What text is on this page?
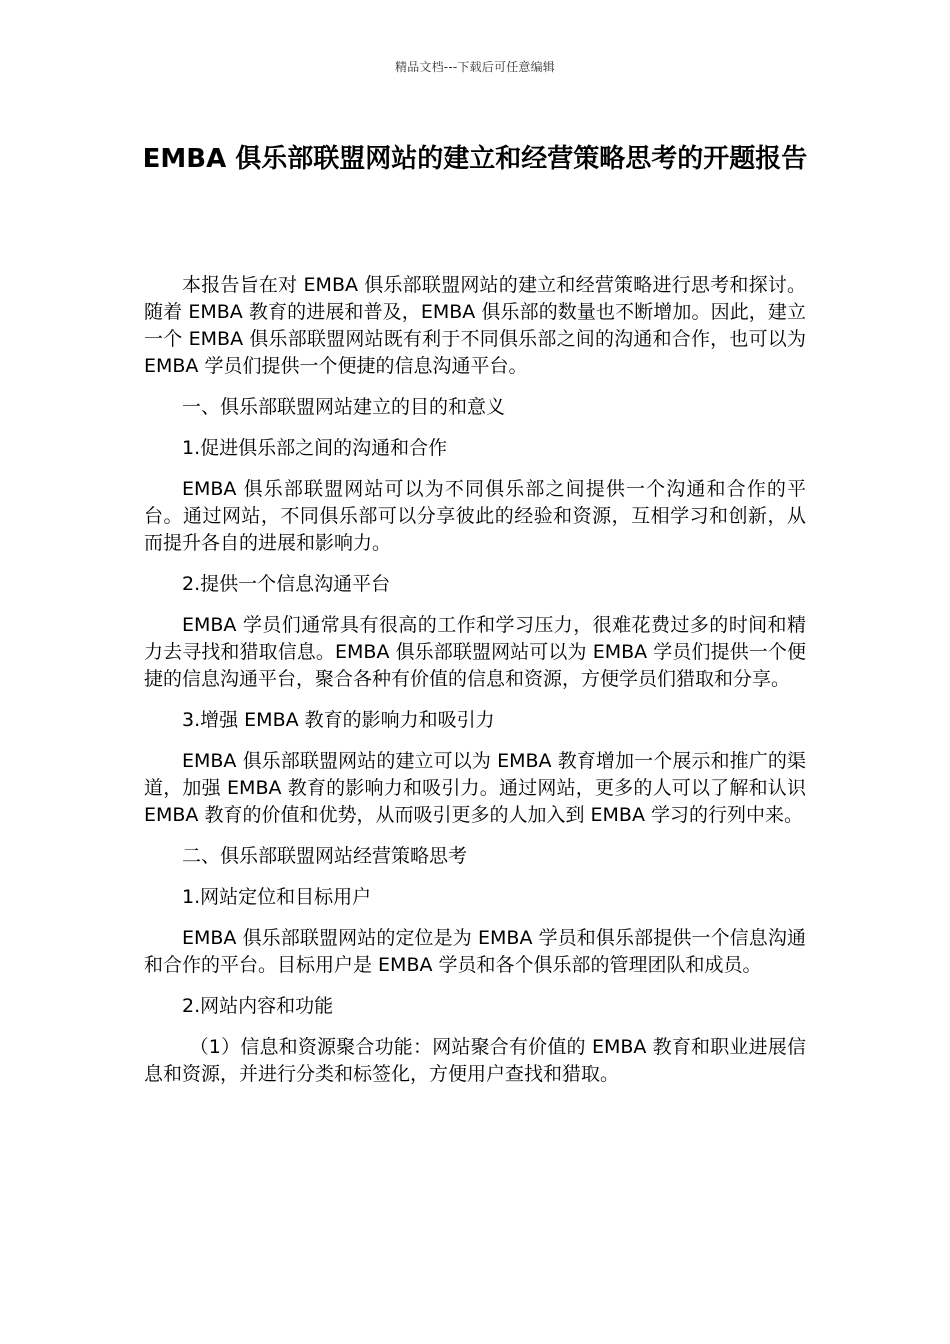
精品文档---下载后可任意编辑
EMBA 俱乐部联盟网站的建立和经营策略思考的开题报告

本报告旨在对 EMBA 俱乐部联盟网站的建立和经营策略进行思考和探讨。随着 EMBA 教育的进展和普及，EMBA 俱乐部的数量也不断增加。因此，建立一个 EMBA 俱乐部联盟网站既有利于不同俱乐部之间的沟通和合作，也可以为 EMBA 学员们提供一个便捷的信息沟通平台。

一、俱乐部联盟网站建立的目的和意义

1.促进俱乐部之间的沟通和合作

EMBA 俱乐部联盟网站可以为不同俱乐部之间提供一个沟通和合作的平台。通过网站，不同俱乐部可以分享彼此的经验和资源，互相学习和创新，从而提升各自的进展和影响力。

2.提供一个信息沟通平台

EMBA 学员们通常具有很高的工作和学习压力，很难花费过多的时间和精力去寻找和猎取信息。EMBA 俱乐部联盟网站可以为 EMBA 学员们提供一个便捷的信息沟通平台，聚合各种有价值的信息和资源，方便学员们猎取和分享。

3.增强 EMBA 教育的影响力和吸引力

EMBA 俱乐部联盟网站的建立可以为 EMBA 教育增加一个展示和推广的渠道，加强 EMBA 教育的影响力和吸引力。通过网站，更多的人可以了解和认识 EMBA 教育的价值和优势，从而吸引更多的人加入到 EMBA 学习的行列中来。

二、俱乐部联盟网站经营策略思考

1.网站定位和目标用户

EMBA 俱乐部联盟网站的定位是为 EMBA 学员和俱乐部提供一个信息沟通和合作的平台。目标用户是 EMBA 学员和各个俱乐部的管理团队和成员。

2.网站内容和功能

（1）信息和资源聚合功能：网站聚合有价值的 EMBA 教育和职业进展信息和资源，并进行分类和标签化，方便用户查找和猎取。
